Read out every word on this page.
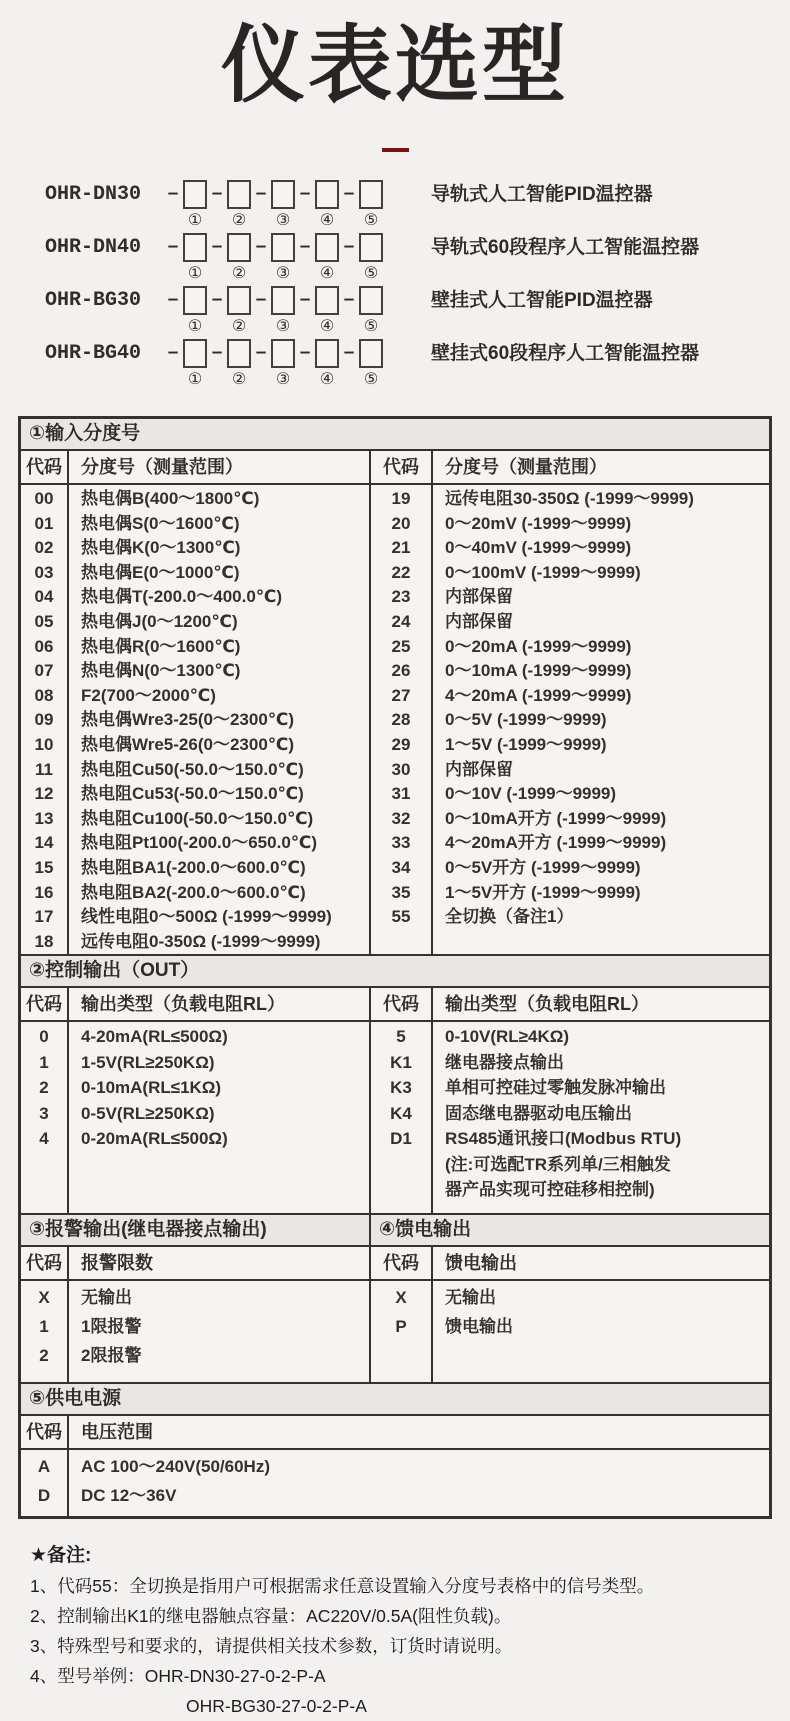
仪表选型
OHR-DN30	–
①
–
②
–
③
–
④
–
⑤
导轨式人工智能PID温控器
OHR-DN40	–
①
–
②
–
③
–
④
–
⑤
导轨式60段程序人工智能温控器
OHR-BG30	–
①
–
②
–
③
–
④
–
⑤
壁挂式人工智能PID温控器
OHR-BG40	–
①
–
②
–
③
–
④
–
⑤
壁挂式60段程序人工智能温控器
①输入分度号
代码	分度号（测量范围）
00	热电偶B(400～1800℃)
01	热电偶S(0～1600℃)
02	热电偶K(0～1300℃)
03	热电偶E(0～1000℃)
04	热电偶T(-200.0～400.0℃)
05	热电偶J(0～1200℃)
06	热电偶R(0～1600℃)
07	热电偶N(0～1300℃)
08	F2(700～2000℃)
09	热电偶Wre3-25(0～2300℃)
10	热电偶Wre5-26(0～2300℃)
11	热电阻Cu50(-50.0～150.0℃)
12	热电阻Cu53(-50.0～150.0℃)
13	热电阻Cu100(-50.0～150.0℃)
14	热电阻Pt100(-200.0～650.0℃)
15	热电阻BA1(-200.0～600.0℃)
16	热电阻BA2(-200.0～600.0℃)
17	线性电阻0～500Ω (-1999～9999)
18	远传电阻0-350Ω (-1999～9999)
代码	分度号（测量范围）
19	远传电阻30-350Ω (-1999～9999)
20	0～20mV (-1999～9999)
21	0～40mV (-1999～9999)
22	0～100mV (-1999～9999)
23	内部保留
24	内部保留
25	0～20mA (-1999～9999)
26	0～10mA (-1999～9999)
27	4～20mA (-1999～9999)
28	0～5V (-1999～9999)
29	1～5V (-1999～9999)
30	内部保留
31	0～10V (-1999～9999)
32	0～10mA开方 (-1999～9999)
33	4～20mA开方 (-1999～9999)
34	0～5V开方 (-1999～9999)
35	1～5V开方 (-1999～9999)
55	全切换（备注1）
②控制输出（OUT）
代码	输出类型（负载电阻RL）
0	4-20mA(RL≤500Ω)
1	1-5V(RL≥250KΩ)
2	0-10mA(RL≤1KΩ)
3	0-5V(RL≥250KΩ)
4	0-20mA(RL≤500Ω)
代码	输出类型（负载电阻RL）
5	0-10V(RL≥4KΩ)
K1	继电器接点输出
K3	单相可控硅过零触发脉冲输出
K4	固态继电器驱动电压输出
D1	RS485通讯接口(Modbus RTU)
(注:可选配TR系列单/三相触发
器产品实现可控硅移相控制)
③报警输出(继电器接点输出)
代码	报警限数
X	无输出
1	1限报警
2	2限报警
④馈电输出
代码	馈电输出
X	无输出
P	馈电输出
⑤供电电源
代码	电压范围
A	AC 100～240V(50/60Hz)
D	DC 12～36V
★备注:
1、代码55：全切换是指用户可根据需求任意设置输入分度号表格中的信号类型。
2、控制输出K1的继电器触点容量：AC220V/0.5A(阻性负载)。
3、特殊型号和要求的，请提供相关技术参数，订货时请说明。
4、型号举例：OHR-DN30-27-0-2-P-A
OHR-BG30-27-0-2-P-A
